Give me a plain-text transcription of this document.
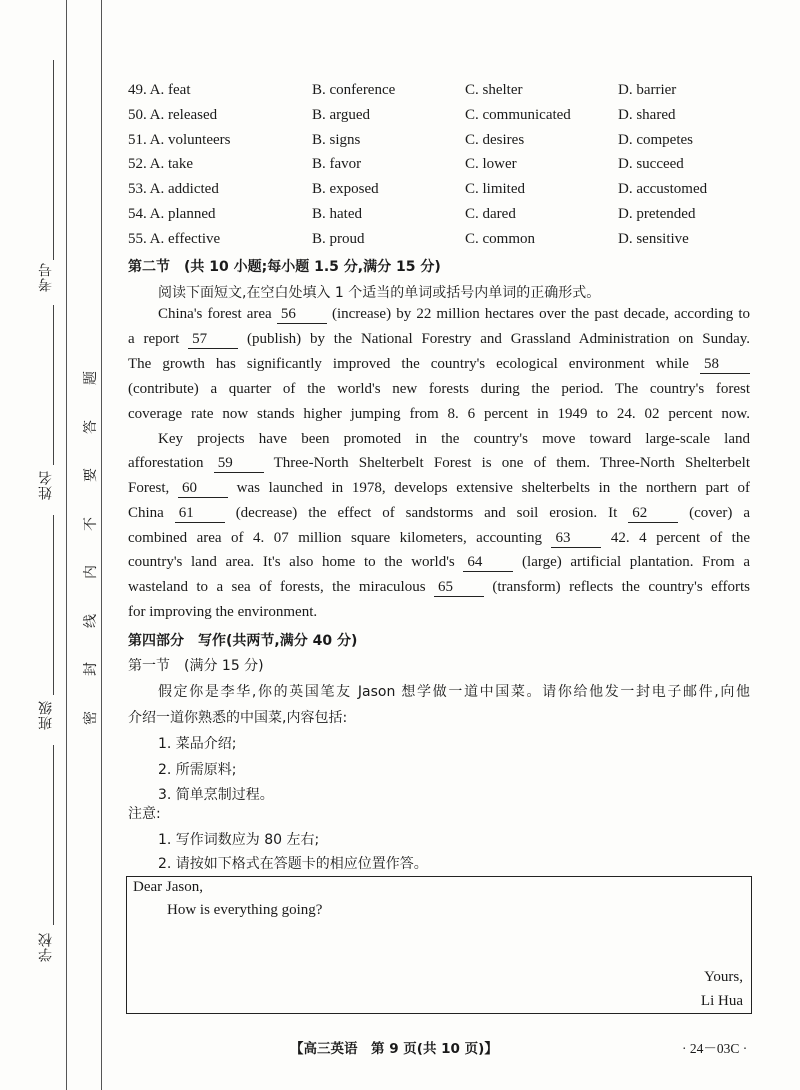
考号
姓名
班级
学校
密
封
线
内
不
要
答
题
49. A. feat	B. conference	C. shelter	D. barrier
50. A. released	B. argued	C. communicated	D. shared
51. A. volunteers	B. signs	C. desires	D. competes
52. A. take	B. favor	C. lower	D. succeed
53. A. addicted	B. exposed	C. limited	D. accustomed
54. A. planned	B. hated	C. dared	D. pretended
55. A. effective	B. proud	C. common	D. sensitive
第二节　(共 10 小题;每小题 1.5 分,满分 15 分)
阅读下面短文,在空白处填入 1 个适当的单词或括号内单词的正确形式。
China's forest area 56 (increase) by 22 million hectares over the past decade, according to
a report 57	(publish) by the National Forestry and Grassland Administration on Sunday.
The growth has significantly improved the country's ecological environment while 58
(contribute) a quarter of the world's new forests during the period. The country's forest
coverage rate now stands higher jumping from 8. 6 percent in 1949 to 24. 02 percent now.
Key projects have been promoted in the country's move toward large-scale land
afforestation 59	Three-North Shelterbelt Forest is one of them. Three-North Shelterbelt
Forest, 60	was launched in 1978, develops extensive shelterbelts in the northern part of
China 61	(decrease) the effect of sandstorms and soil erosion. It 62	(cover) a
combined area of 4. 07 million square kilometers, accounting 63	42. 4 percent of the
country's land area. It's also home to the world's 64	(large) artificial plantation. From a
wasteland to a sea of forests, the miraculous 65	(transform) reflects the country's efforts
for improving the environment.
第四部分　写作(共两节,满分 40 分)
第一节　(满分 15 分)
假定你是李华,你的英国笔友 Jason 想学做一道中国菜。请你给他发一封电子邮件,向他
介绍一道你熟悉的中国菜,内容包括:
1. 菜品介绍;
2. 所需原料;
3. 简单烹制过程。
注意:
1. 写作词数应为 80 左右;
2. 请按如下格式在答题卡的相应位置作答。
Dear Jason,
How is everything going?
Yours,
Li Hua
【高三英语　第 9 页(共 10 页)】	· 24－03C ·
